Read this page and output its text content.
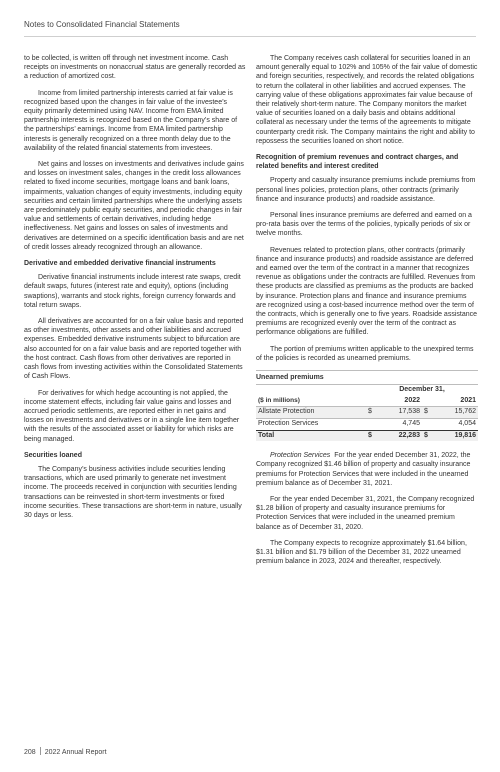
Notes to Consolidated Financial Statements

to be collected, is written off through net investment income. Cash receipts on investments on nonaccrual status are generally recorded as a reduction of amortized cost.

Income from limited partnership interests carried at fair value is recognized based upon the changes in fair value of the investee’s equity primarily determined using NAV. Income from EMA limited partnership interests is recognized based on the Company’s share of the partnerships’ earnings. Income from EMA limited partnership interests is generally recognized on a three month delay due to the availability of the related financial statements from investees.

Net gains and losses on investments and derivatives include gains and losses on investment sales, changes in the credit loss allowances related to fixed income securities, mortgage loans and bank loans, impairments, valuation changes of equity investments, including equity securities and certain limited partnerships where the underlying assets are predominately public equity securities, and periodic changes in fair value and settlements of certain derivatives, including hedge ineffectiveness. Net gains and losses on sales of investments and derivatives are determined on a specific identification basis and are net of credit losses already recognized through an allowance.

Derivative and embedded derivative financial instruments

Derivative financial instruments include interest rate swaps, credit default swaps, futures (interest rate and equity), options (including swaptions), warrants and stock rights, foreign currency forwards and total return swaps.

All derivatives are accounted for on a fair value basis and reported as other investments, other assets and other liabilities and accrued expenses. Embedded derivative instruments subject to bifurcation are also accounted for on a fair value basis and are reported together with the host contract. Cash flows from other derivatives are reported in cash flows from investing activities within the Consolidated Statements of Cash Flows.

For derivatives for which hedge accounting is not applied, the income statement effects, including fair value gains and losses and accrued periodic settlements, are reported either in net gains and losses on investments and derivatives or in a single line item together with the results of the associated asset or liability for which risks are being managed.

Securities loaned

The Company’s business activities include securities lending transactions, which are used primarily to generate net investment income. The proceeds received in conjunction with securities lending transactions can be reinvested in short-term investments or fixed income securities. These transactions are short-term in nature, usually 30 days or less.

The Company receives cash collateral for securities loaned in an amount generally equal to 102% and 105% of the fair value of domestic and foreign securities, respectively, and records the related obligations to return the collateral in other liabilities and accrued expenses. The carrying value of these obligations approximates fair value because of their relatively short-term nature. The Company monitors the market value of securities loaned on a daily basis and obtains additional collateral as necessary under the terms of the agreements to mitigate counterparty credit risk. The Company maintains the right and ability to repossess the securities loaned on short notice.

Recognition of premium revenues and contract charges, and related benefits and interest credited

Property and casualty insurance premiums include premiums from personal lines policies, protection plans, other contracts (primarily finance and insurance products) and roadside assistance.

Personal lines insurance premiums are deferred and earned on a pro-rata basis over the terms of the policies, typically periods of six or twelve months.

Revenues related to protection plans, other contracts (primarily finance and insurance products) and roadside assistance are deferred and earned over the term of the contract in a manner that recognizes revenue as obligations under the contracts are fulfilled. Revenues from these products are classified as premiums as the products are backed by insurance. Protection plans and finance and insurance premiums are recognized using a cost-based incurrence method over the term of the contracts, which is generally one to five years. Roadside assistance premiums are recognized evenly over the term of the contract as performance obligations are fulfilled.

The portion of premiums written applicable to the unexpired terms of the policies is recorded as unearned premiums.

Unearned premiums
	December 31,			
($ in millions)	2022		2021	
Allstate Protection	$	17,538	$	15,762
Protection Services		4,745		4,054
Total	$	22,283	$	19,816

Protection Services For the year ended December 31, 2022, the Company recognized $1.46 billion of property and casualty insurance premiums for Protection Services that were included in the unearned premium balance as of December 31, 2021.

For the year ended December 31, 2021, the Company recognized $1.28 billion of property and casualty insurance premiums for Protection Services that were included in the unearned premium balance as of December 31, 2020.

The Company expects to recognize approximately $1.64 billion, $1.31 billion and $1.79 billion of the December 31, 2022 unearned premium balance in 2023, 2024 and thereafter, respectively.

208 2022 Annual Report
